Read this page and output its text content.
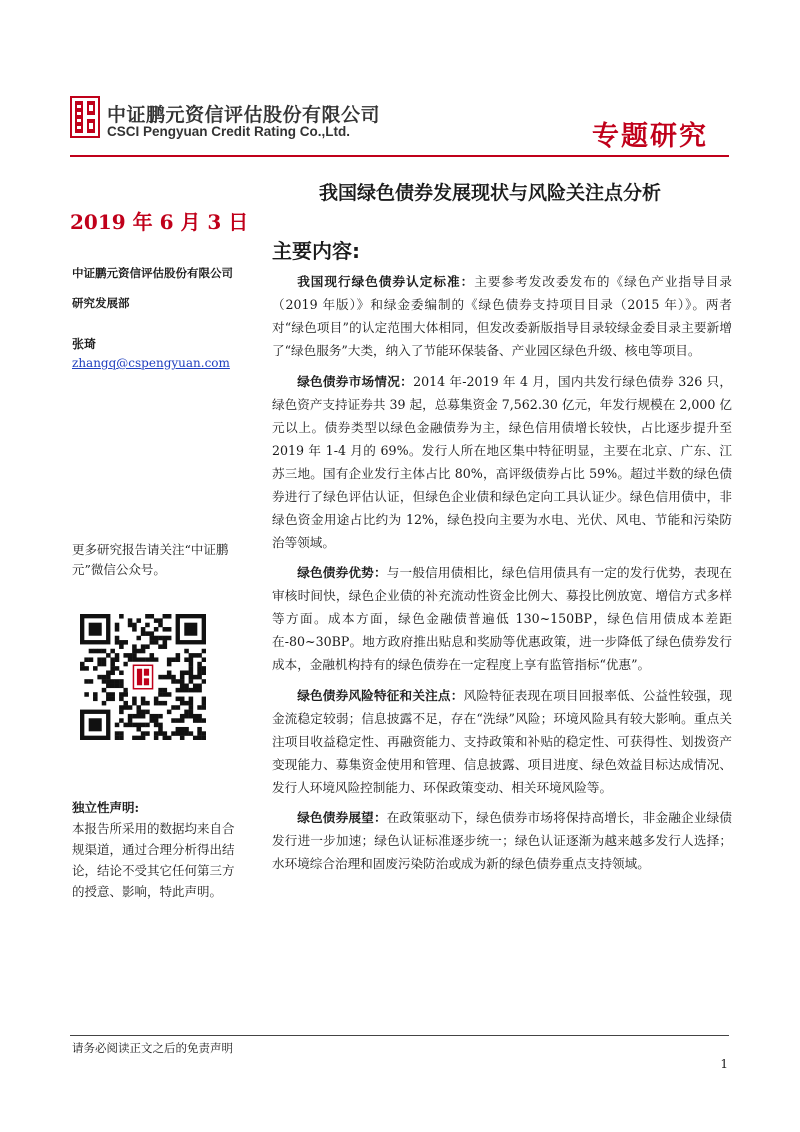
中证鹏元资信评估股份有限公司
CSCI Pengyuan Credit Rating Co.,Ltd.	专题研究
我国绿色债券发展现状与风险关注点分析
2019 年 6 月 3 日
主要内容:
中证鹏元资信评估股份有限公司
研究发展部
张琦
zhangq@cspengyuan.com
更多研究报告请关注“中证鹏元”微信公众号。
独立性声明:
本报告所采用的数据均来自合规渠道，通过合理分析得出结论，结论不受其它任何第三方的授意、影响，特此声明。

我国现行绿色债券认定标准：主要参考发改委发布的《绿色产业指导目录（2019 年版）》和绿金委编制的《绿色债券支持项目目录（2015 年）》。两者对“绿色项目”的认定范围大体相同，但发改委新版指导目录较绿金委目录主要新增了“绿色服务”大类，纳入了节能环保装备、产业园区绿色升级、核电等项目。

绿色债券市场情况：2014 年-2019 年 4 月，国内共发行绿色债券 326 只，绿色资产支持证券共 39 起，总募集资金 7,562.30 亿元，年发行规模在 2,000 亿元以上。债券类型以绿色金融债券为主，绿色信用债增长较快，占比逐步提升至 2019 年 1-4 月的 69%。发行人所在地区集中特征明显，主要在北京、广东、江苏三地。国有企业发行主体占比 80%，高评级债券占比 59%。超过半数的绿色债券进行了绿色评估认证，但绿色企业债和绿色定向工具认证少。绿色信用债中，非绿色资金用途占比约为 12%，绿色投向主要为水电、光伏、风电、节能和污染防治等领域。

绿色债券优势：与一般信用债相比，绿色信用债具有一定的发行优势，表现在审核时间快，绿色企业债的补充流动性资金比例大、募投比例放宽、增信方式多样等方面。成本方面，绿色金融债普遍低 130~150BP，绿色信用债成本差距在-80~30BP。地方政府推出贴息和奖励等优惠政策，进一步降低了绿色债券发行成本，金融机构持有的绿色债券在一定程度上享有监管指标“优惠”。

绿色债券风险特征和关注点：风险特征表现在项目回报率低、公益性较强，现金流稳定较弱；信息披露不足，存在“洗绿”风险；环境风险具有较大影响。重点关注项目收益稳定性、再融资能力、支持政策和补贴的稳定性、可获得性、划拨资产变现能力、募集资金使用和管理、信息披露、项目进度、绿色效益目标达成情况、发行人环境风险控制能力、环保政策变动、相关环境风险等。

绿色债券展望：在政策驱动下，绿色债券市场将保持高增长，非金融企业绿债发行进一步加速；绿色认证标准逐步统一；绿色认证逐渐为越来越多发行人选择；水环境综合治理和固废污染防治或成为新的绿色债券重点支持领域。

请务必阅读正文之后的免责声明
1
